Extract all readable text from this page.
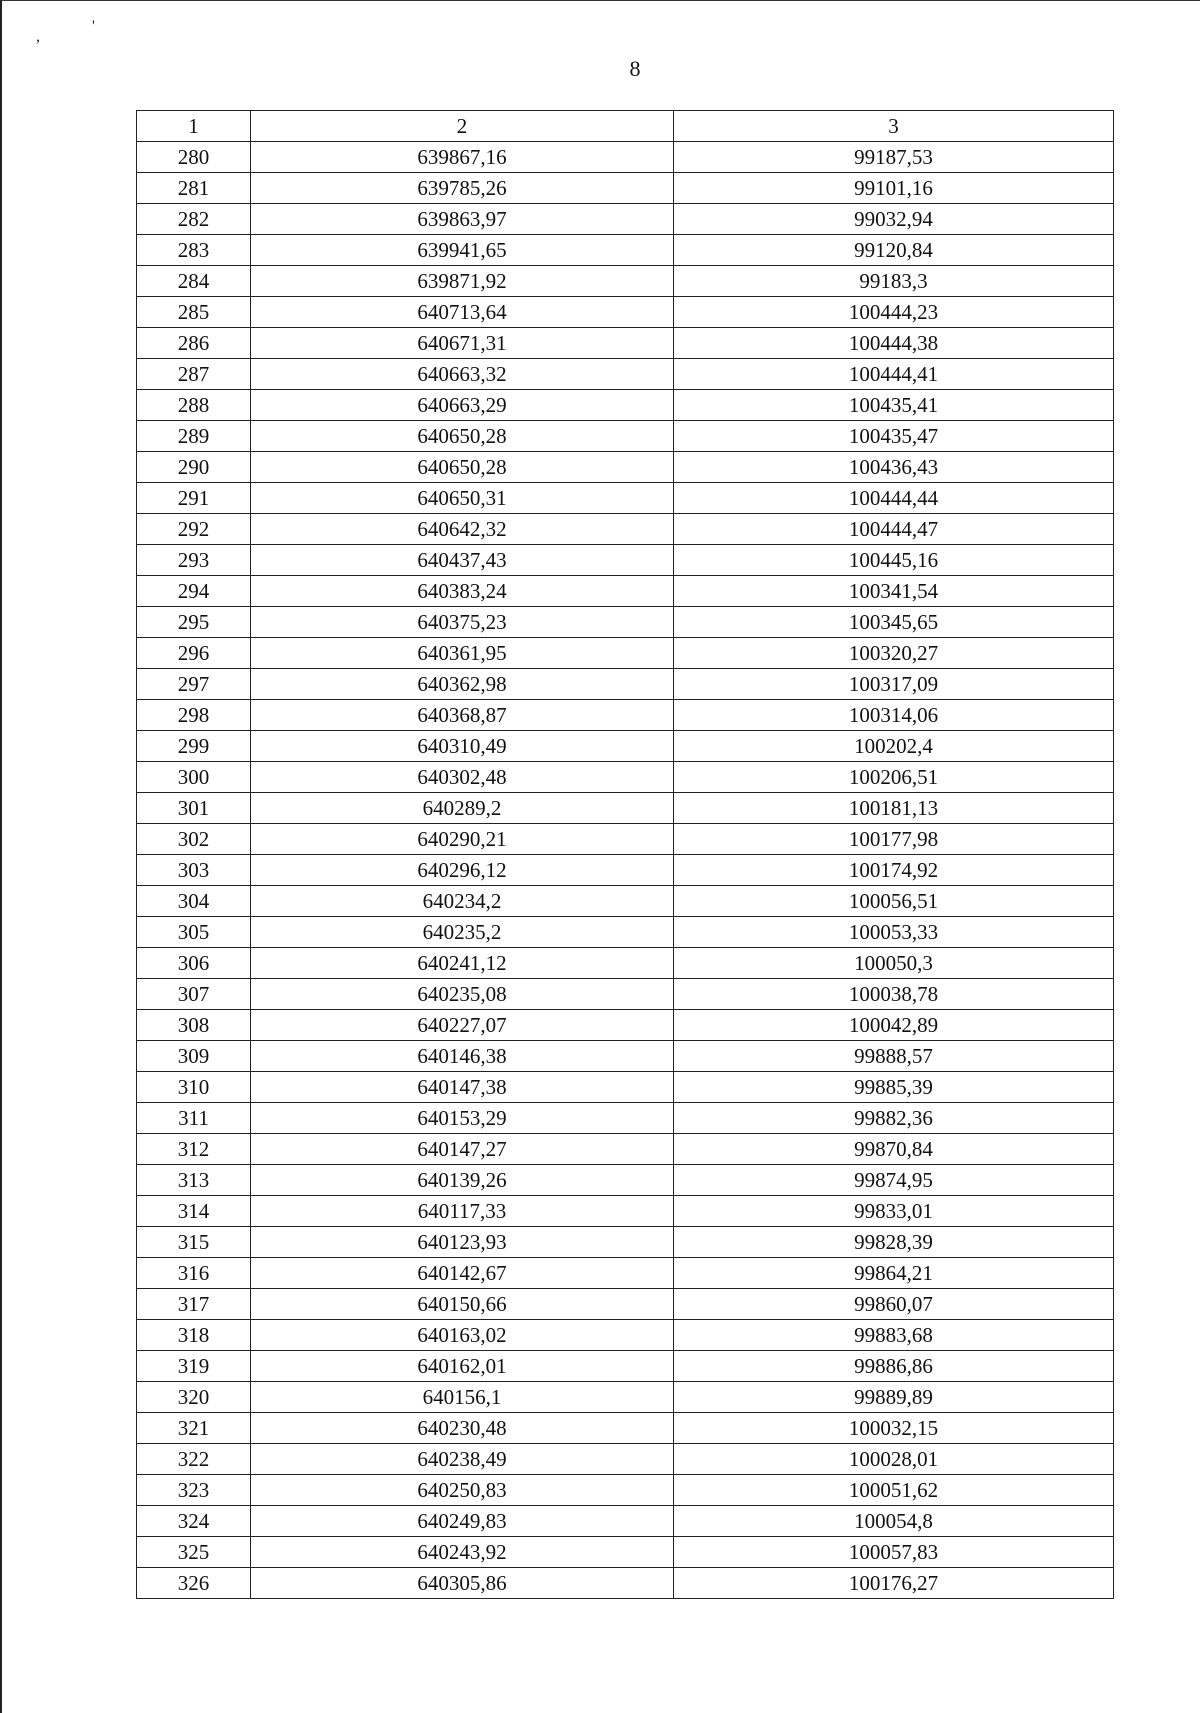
,
'
8
1	2	3
280	639867,16	99187,53
281	639785,26	99101,16
282	639863,97	99032,94
283	639941,65	99120,84
284	639871,92	99183,3
285	640713,64	100444,23
286	640671,31	100444,38
287	640663,32	100444,41
288	640663,29	100435,41
289	640650,28	100435,47
290	640650,28	100436,43
291	640650,31	100444,44
292	640642,32	100444,47
293	640437,43	100445,16
294	640383,24	100341,54
295	640375,23	100345,65
296	640361,95	100320,27
297	640362,98	100317,09
298	640368,87	100314,06
299	640310,49	100202,4
300	640302,48	100206,51
301	640289,2	100181,13
302	640290,21	100177,98
303	640296,12	100174,92
304	640234,2	100056,51
305	640235,2	100053,33
306	640241,12	100050,3
307	640235,08	100038,78
308	640227,07	100042,89
309	640146,38	99888,57
310	640147,38	99885,39
311	640153,29	99882,36
312	640147,27	99870,84
313	640139,26	99874,95
314	640117,33	99833,01
315	640123,93	99828,39
316	640142,67	99864,21
317	640150,66	99860,07
318	640163,02	99883,68
319	640162,01	99886,86
320	640156,1	99889,89
321	640230,48	100032,15
322	640238,49	100028,01
323	640250,83	100051,62
324	640249,83	100054,8
325	640243,92	100057,83
326	640305,86	100176,27
